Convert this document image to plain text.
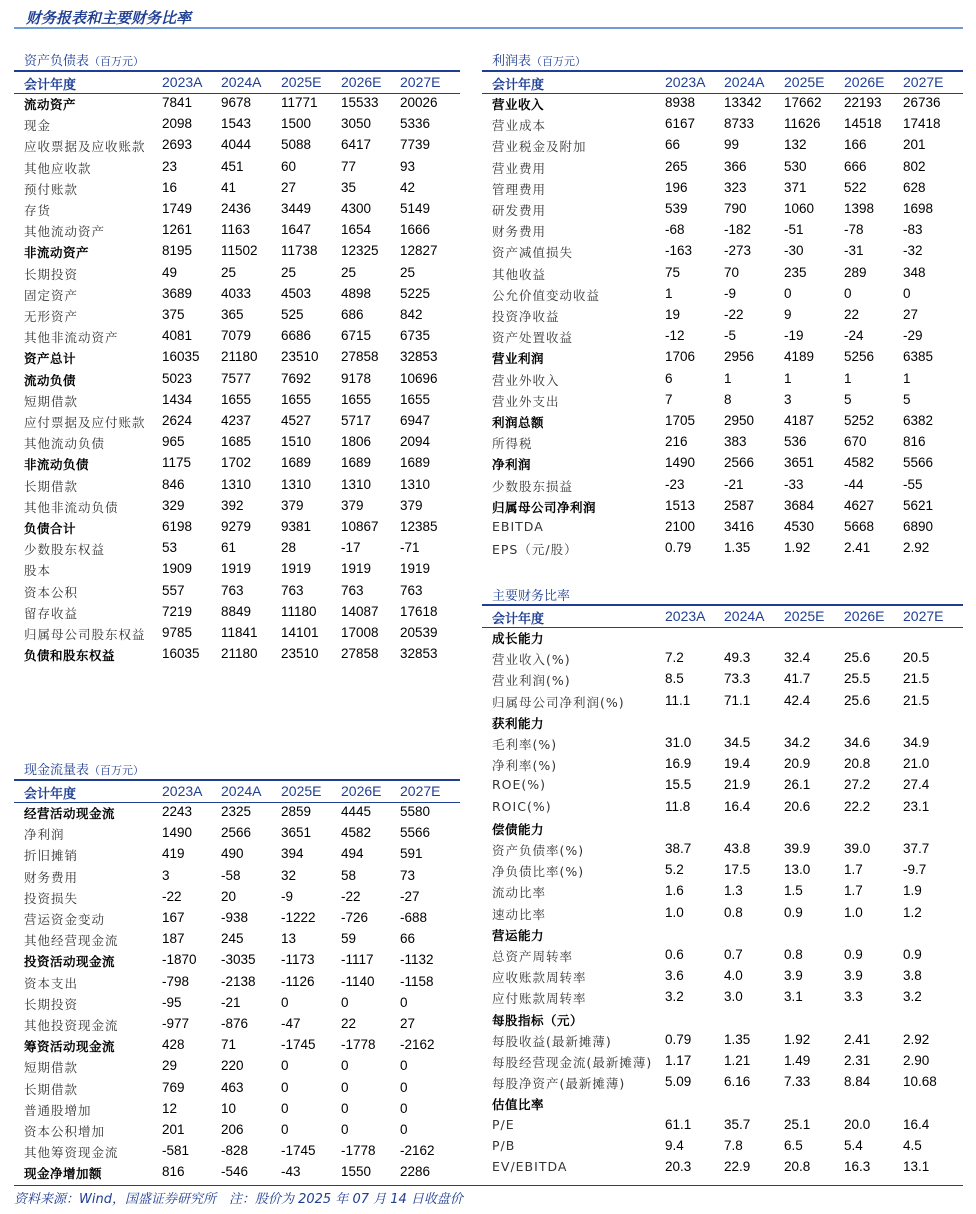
财务报表和主要财务比率
资产负债表（百万元）
会计年度	2023A 2024A 2025E 2026E 2027E
流动资产	7841 9678 11771 15533 20026
现金	2098 1543 1500 3050 5336
应收票据及应收账款 2693 4044 5088 6417 7739
其他应收款	23	451	60	77	93
预付账款	16	41	27	35	42
存货	1749 2436 3449 4300 5149
其他流动资产	1261 1163 1647 1654 1666
非流动资产	8195 11502 11738 12325 12827
长期投资	49	25	25	25	25
固定资产	3689 4033 4503 4898 5225
无形资产	375	365	525	686	842
其他非流动资产	4081 7079 6686 6715 6735
资产总计	16035 21180 23510 27858 32853
流动负债	5023 7577 7692 9178 10696
短期借款	1434 1655 1655 1655 1655
应付票据及应付账款 2624 4237 4527 5717 6947
其他流动负债	965	1685 1510 1806 2094
非流动负债	1175 1702 1689 1689 1689
长期借款	846	1310 1310 1310 1310
其他非流动负债	329	392	379	379	379
负债合计	6198 9279 9381 10867 12385
少数股东权益	53	61	28	-17	-71
股本	1909 1919 1919 1919 1919
资本公积	557	763	763	763	763
留存收益	7219 8849 11180 14087 17618
归属母公司股东权益 9785 11841 14101 17008 20539
负债和股东权益	16035 21180 23510 27858 32853
现金流量表（百万元）
会计年度	2023A 2024A 2025E 2026E 2027E
经营活动现金流	2243 2325 2859 4445 5580
净利润	1490 2566 3651 4582 5566
折旧摊销	419	490	394	494	591
财务费用	3	-58	32	58	73
投资损失	-22	20	-9	-22	-27
营运资金变动	167	-938 -1222 -726 -688
其他经营现金流	187	245	13	59	66
投资活动现金流	-1870 -3035 -1173 -1117 -1132
资本支出	-798 -2138 -1126 -1140 -1158
长期投资	-95	-21	0	0	0
其他投资现金流	-977 -876 -47	22	27
筹资活动现金流	428	71	-1745 -1778 -2162
短期借款	29	220	0	0	0
长期借款	769	463	0	0	0
普通股增加	12	10	0	0	0
资本公积增加	201	206	0	0	0
其他筹资现金流	-581 -828 -1745 -1778 -2162
现金净增加额	816	-546 -43	1550 2286
利润表（百万元）
会计年度	2023A 2024A 2025E 2026E 2027E
营业收入	8938 13342 17662 22193 26736
营业成本	6167 8733 11626 14518 17418
营业税金及附加	66	99	132	166	201
营业费用	265	366	530	666	802
管理费用	196	323	371	522	628
研发费用	539	790	1060 1398 1698
财务费用	-68	-182 -51	-78	-83
资产减值损失	-163 -273 -30	-31	-32
其他收益	75	70	235	289	348
公允价值变动收益	1	-9	0	0	0
投资净收益	19	-22	9	22	27
资产处置收益	-12	-5	-19	-24	-29
营业利润	1706 2956 4189 5256 6385
营业外收入	6	1	1	1	1
营业外支出	7	8	3	5	5
利润总额	1705 2950 4187 5252 6382
所得税	216	383	536	670	816
净利润	1490 2566 3651 4582 5566
少数股东损益	-23	-21	-33	-44	-55
归属母公司净利润	1513 2587 3684 4627 5621
EBITDA	2100 3416 4530 5668 6890
EPS（元/股）	0.79 1.35 1.92 2.41 2.92
主要财务比率
会计年度	2023A 2024A 2025E 2026E 2027E
成长能力
营业收入(%)	7.2	49.3 32.4 25.6 20.5
营业利润(%)	8.5	73.3 41.7 25.5 21.5
归属母公司净利润(%)	11.1 71.1 42.4 25.6 21.5
获利能力
毛利率(%)	31.0 34.5 34.2 34.6 34.9
净利率(%)	16.9 19.4 20.9 20.8 21.0
ROE(%)	15.5 21.9 26.1 27.2 27.4
ROIC(%)	11.8 16.4 20.6 22.2 23.1
偿债能力
资产负债率(%)	38.7 43.8 39.9 39.0 37.7
净负债比率(%)	5.2	17.5 13.0 1.7	-9.7
流动比率	1.6	1.3	1.5	1.7	1.9
速动比率	1.0	0.8	0.9	1.0	1.2
营运能力
总资产周转率	0.6	0.7	0.8	0.9	0.9
应收账款周转率	3.6	4.0	3.9	3.9	3.8
应付账款周转率	3.2	3.0	3.1	3.3	3.2
每股指标（元）
每股收益(最新摊薄)	0.79 1.35 1.92 2.41 2.92
每股经营现金流(最新摊薄) 1.17 1.21 1.49 2.31 2.90
每股净资产(最新摊薄)	5.09 6.16 7.33 8.84 10.68
估值比率
P/E	61.1 35.7 25.1 20.0 16.4
P/B	9.4	7.8	6.5	5.4	4.5
EV/EBITDA	20.3 22.9 20.8 16.3 13.1
资料来源：Wind，国盛证券研究所　注：股价为 2025 年 07 月 14 日收盘价
